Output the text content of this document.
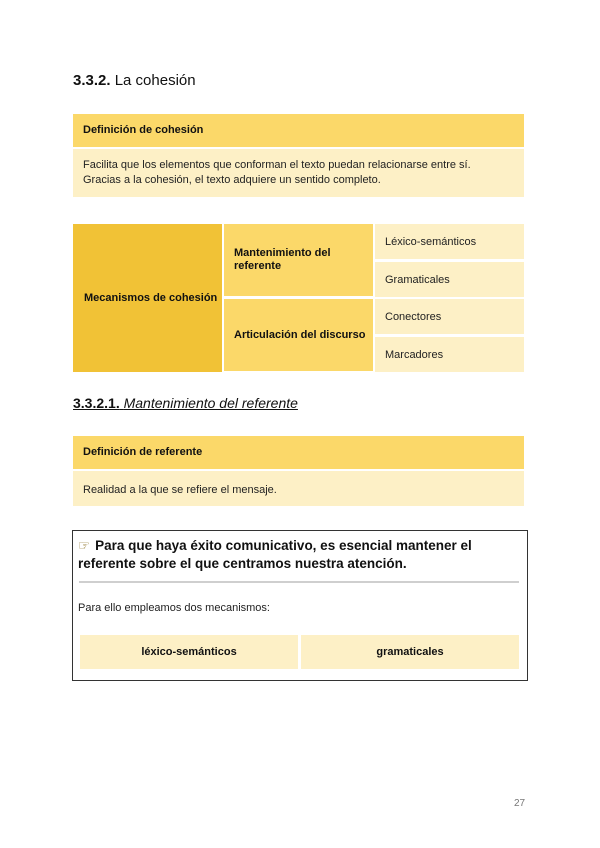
3.3.2. La cohesión
Definición de cohesión
Facilita que los elementos que conforman el texto puedan relacionarse entre sí.
Gracias a la cohesión, el texto adquiere un sentido completo.
Mecanismos de cohesión
Mantenimiento del referente
Articulación del discurso
Léxico-semánticos
Gramaticales
Conectores
Marcadores
3.3.2.1. Mantenimiento del referente
Definición de referente
Realidad a la que se refiere el mensaje.
☞ Para que haya éxito comunicativo, es esencial mantener el referente sobre el que centramos nuestra atención.
Para ello empleamos dos mecanismos:
léxico-semánticos	gramaticales
27
